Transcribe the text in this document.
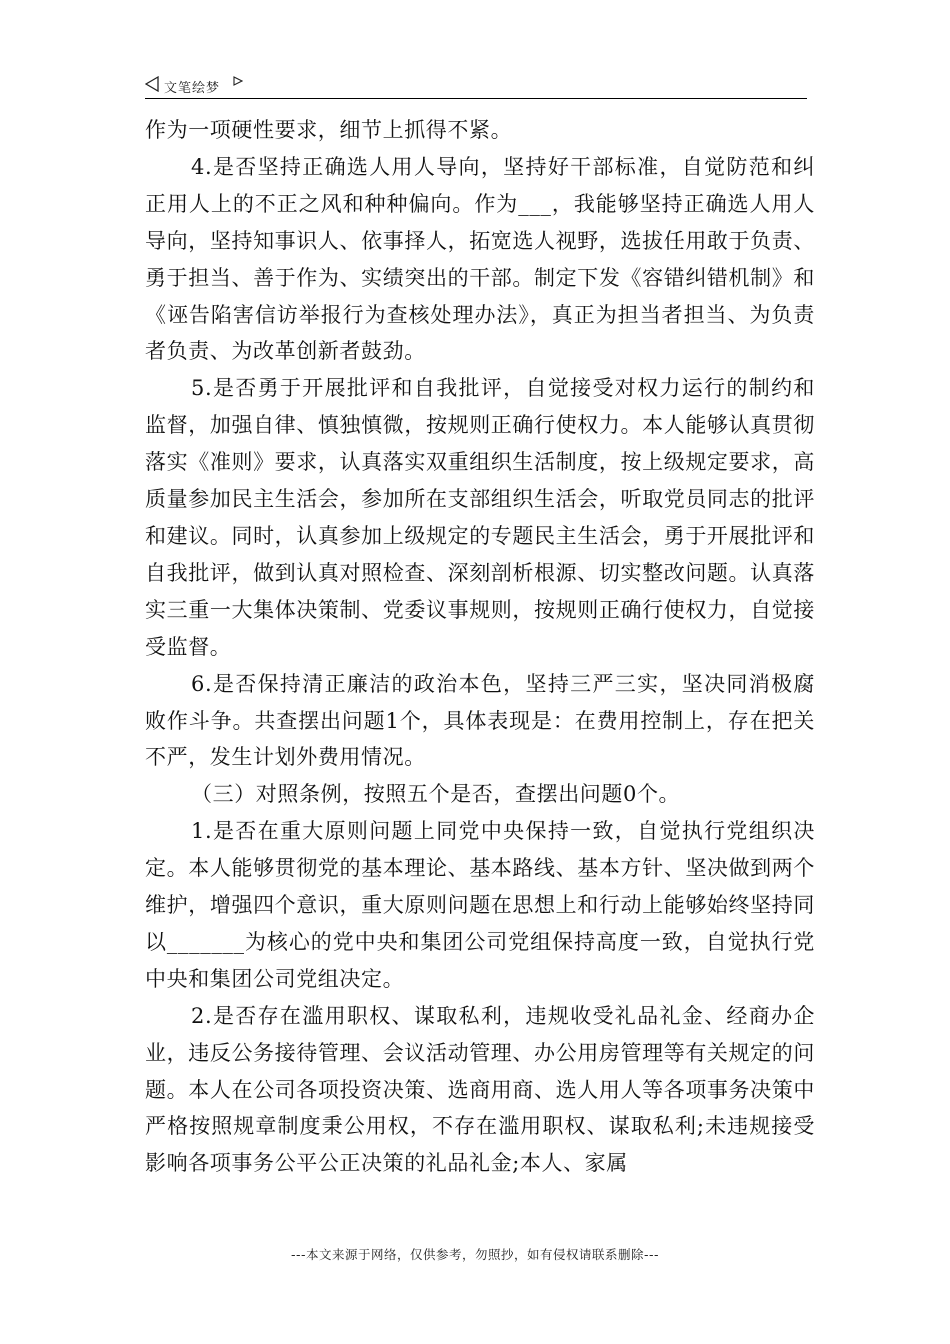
文笔绘梦

作为一项硬性要求，细节上抓得不紧。

4.是否坚持正确选人用人导向，坚持好干部标准，自觉防范和纠正用人上的不正之风和种种偏向。作为___，我能够坚持正确选人用人导向，坚持知事识人、依事择人，拓宽选人视野，选拔任用敢于负责、勇于担当、善于作为、实绩突出的干部。制定下发《容错纠错机制》和《诬告陷害信访举报行为查核处理办法》，真正为担当者担当、为负责者负责、为改革创新者鼓劲。

5.是否勇于开展批评和自我批评，自觉接受对权力运行的制约和监督，加强自律、慎独慎微，按规则正确行使权力。本人能够认真贯彻落实《准则》要求，认真落实双重组织生活制度，按上级规定要求，高质量参加民主生活会，参加所在支部组织生活会，听取党员同志的批评和建议。同时，认真参加上级规定的专题民主生活会，勇于开展批评和自我批评，做到认真对照检查、深刻剖析根源、切实整改问题。认真落实三重一大集体决策制、党委议事规则，按规则正确行使权力，自觉接受监督。

6.是否保持清正廉洁的政治本色，坚持三严三实，坚决同消极腐败作斗争。共查摆出问题1个，具体表现是：在费用控制上，存在把关不严，发生计划外费用情况。

（三）对照条例，按照五个是否，查摆出问题0个。

1.是否在重大原则问题上同党中央保持一致，自觉执行党组织决定。本人能够贯彻党的基本理论、基本路线、基本方针、坚决做到两个维护，增强四个意识，重大原则问题在思想上和行动上能够始终坚持同以_______为核心的党中央和集团公司党组保持高度一致，自觉执行党中央和集团公司党组决定。

2.是否存在滥用职权、谋取私利，违规收受礼品礼金、经商办企业，违反公务接待管理、会议活动管理、办公用房管理等有关规定的问题。本人在公司各项投资决策、选商用商、选人用人等各项事务决策中严格按照规章制度秉公用权，不存在滥用职权、谋取私利;未违规接受影响各项事务公平公正决策的礼品礼金;本人、家属

---本文来源于网络，仅供参考，勿照抄，如有侵权请联系删除---
